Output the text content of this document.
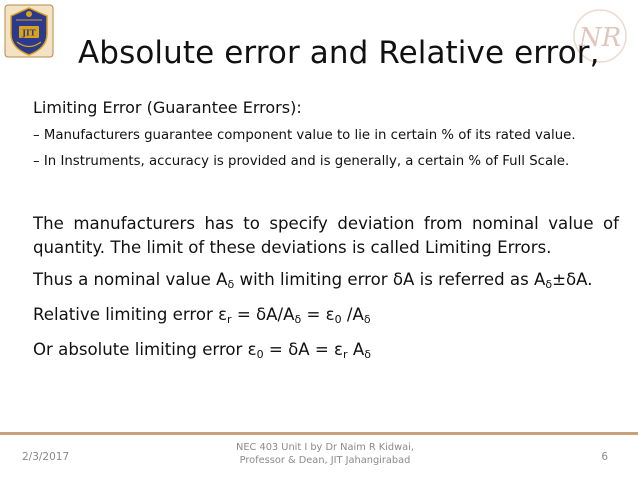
JIT	NR
Absolute error and Relative error,

Limiting Error (Guarantee Errors):

– Manufacturers guarantee component value to lie in certain % of its rated value.
– In Instruments, accuracy is provided and is generally, a certain % of Full Scale.
The manufacturers has to specify deviation from nominal value of quantity. The limit of these deviations is called Limiting Errors.
Thus a nominal value $A_\delta$ with limiting error δA is referred as $A_\delta\pm\delta A$.
Relative limiting error $\varepsilon_r = \delta A/A_\delta = \varepsilon_0$ $/A_\delta$
Or absolute limiting error $\varepsilon_0 = \delta A = \varepsilon_r$ $A_\delta$
2/3/2017
NEC 403 Unit I by Dr Naim R Kidwai,
Professor & Dean, JIT Jahangirabad	6
